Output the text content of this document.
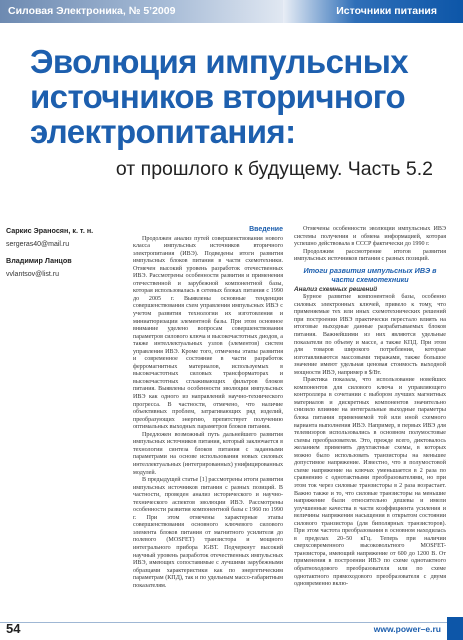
Силовая Электроника, № 5’2009	Источники питания
Эволюция импульсных источников вторичного электропитания:
от прошлого к будущему. Часть 5.2
Саркис Эраносян, к. т. н.
sergeras40@mail.ru
Владимир Ланцов
vvlantsov@list.ru
Введение

Продолжен анализ путей совершенствования нового класса импульсных источников вторичного электропитания (ИВЭ). Подведены итоги развития импульсных блоков питания в части схемотехники. Отмечен высокий уровень разработок отечественных ИВЭ. Рассмотрены особенности развития и применения отечественной и зарубежной компонентной базы, которая использовалась в сетевых блоках питания с 1990 до 2005 г. Выявлены основные тенденции совершенствования схем управления импульсных ИВЭ с учетом развития технологии их изготовления и миниатюризации элементной базы. При этом основное внимание уделено вопросам совершенствования параметров силового ключа и высокочастотных диодов, а также интеллектуальных узлов (элементов) систем управления ИВЭ. Кроме того, отмечены этапы развития и современное состояние в части разработок ферромагнитных материалов, используемых в высокочастотных силовых трансформаторах и высокочастотных сглаживающих фильтров блоков питания. Выявлены особенности эволюции импульсных ИВЭ как одного из направлений научно-технического прогресса. В частности, отмечено, что наличие объективных проблем, затрагивающих ряд изделий, преобразующих энергию, препятствует получению оптимальных выходных параметров блоков питания.

Предложен возможный путь дальнейшего развития импульсных источников питания, который заключается в технологии синтеза блоков питания с заданными параметрами на основе использования новых силовых интеллектуальных (интегрированных) унифицированных модулей.

В предыдущей статье [1] рассмотрены итоги развития импульсных источников питания с разных позиций. В частности, проведен анализ исторического и научно-технического аспектов эволюции ИВЭ. Рассмотрены особенности развития компонентной базы с 1960 по 1990 г. При этом отмечены характерные этапы совершенствования основного ключевого силового элемента блоков питания от магнитного усилителя до полевого (MOSFET) транзистора и мощного интегрального прибора IGBT. Подчеркнут высокий научный уровень разработок отечественных импульсных ИВЭ, имеющих сопоставимые с лучшими зарубежными образцами характеристики как по энергетическим параметрам (КПД), так и по удельным массо-габаритным показателям.

Отмечены особенности эволюции импульсных ИВЭ системы получения и обмена информацией, которая успешно действовала в СССР фактически до 1990 г.

Продолжим рассмотрение итогов развития импульсных источников питания с разных позиций.

Итоги развития импульсных ИВЭ в части схемотехники
Анализ схемных решений

Бурное развитие компонентной базы, особенно силовых электронных ключей, привело к тому, что применяемые тех или иных схемотехнических решений при построении ИВЭ практически перестало влиять на итоговые выходные данные разрабатываемых блоков питания. Важнейшими из них являются удельные показатели по объему и массе, а также КПД. При этом для товаров широкого потребления, которые изготавливаются массовыми тиражами, также большое значение имеют удельная ценовая стоимость выходной мощности ИВЭ, например в $/Вт.

Практика показала, что использование новейших компонентов для силового ключа и управляющего контроллера в сочетании с выбором лучших магнитных материалов и дискретных компонентов значительно снизило влияние на интегральные выходные параметры блока питания применяемой той или иной схемного варианта выполнения ИВЭ. Например, в первых ИВЭ для телевизоров использовались в основном полумостовые схемы преобразователя. Это, прежде всего, диктовалось желанием применять двухтактные схемы, в которых можно было использовать транзисторы на меньшее допустимое напряжение. Известно, что в полумостовой схеме напряжение на ключах уменьшается в 2 раза по сравнению с однотактными преобразователями, но при этом ток через силовые транзисторы в 2 раза возрастает. Важно также и то, что силовые транзисторы на меньшие напряжение были относительно дешевы и имели улучшенные качества в части коэффициента усиления и величины напряжения насыщения в открытом состоянии силового транзистора (для биполярных транзисторов). При этом частота преобразования в основном находилась в пределах 20–50 кГц. Теперь при наличии сверхсовременного высоковольтного MOSFET-транзистора, имеющий напряжение от 600 до 1200 В. От применения в построении ИВЭ по схеме однотактного обратноходового преобразователя или по схеме однотактного прямоходового преобразователя с двумя одновременно вклю-

54	www.power–e.ru
